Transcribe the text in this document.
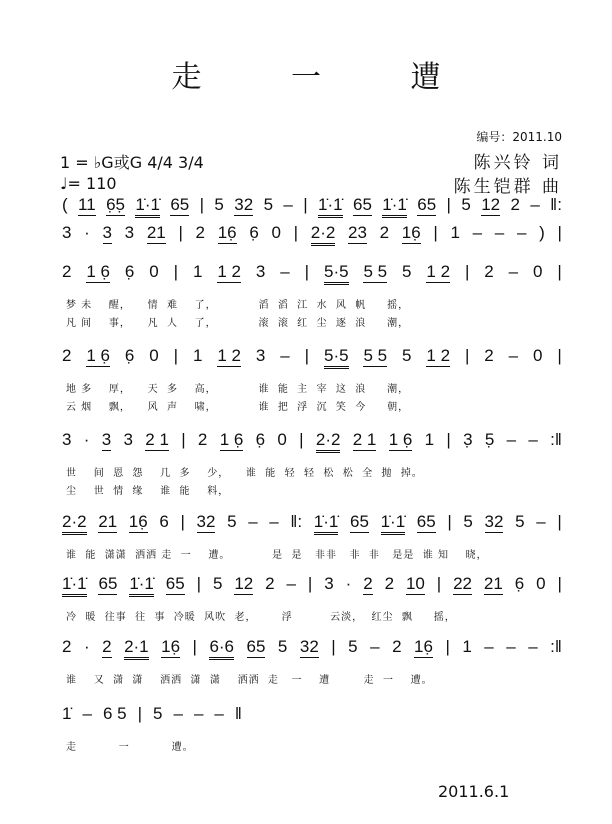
走 一 遭
编号：2011.10
1 = ♭G或G 4/4 3/4
♩= 110
陈兴铃 词
陈生铠群 曲
( 11 6̣5̣ 1̇·1̇ 65 | 5 32 5 – | 1̇·1̇ 65 1̇·1̇ 65 | 5 12 2 – ‖:
3 · 3 3 21 | 2 16̣ 6̣ 0 | 2·2 23 2 16̣ | 1 – – – ) |
2 1 6̣ 6̣ 0 | 1 1 2 3 – | 5·5 5 5 5 1 2 | 2 – 0 |
梦 未    醒，    情  难    了，          滔  滔  江  水  风  帆     摇，
凡 间    事，    凡  人    了，          滚  滚  红  尘  逐  浪     潮，
2 1 6̣ 6̣ 0 | 1 1 2 3 – | 5·5 5 5 5 1 2 | 2 – 0 |
地 多    厚，    天  多    高，          谁  能  主  宰  这  浪     潮，
云 烟    飘，    风  声    啸，          谁  把  浮  沉  笑  今     朝，
3 · 3 3 2 1 | 2 1 6̣ 6̣ 0 | 2·2 2 1 1 6̣ 1 | 3̣ 5̣ – – :‖
世    间  恩  怨    几  多    少，    谁  能  轻  轻  松  松  全  抛  掉。
尘    世  情  缘    谁  能    料，
2·2 21 16̣ 6 | 32 5 – – ‖: 1̇·1̇ 65 1̇·1̇ 65 | 5 32 5 – |
谁  能  潇潇  洒洒 走  一    遭。          是  是   非非   非  非   是是  谁 知    晓，
1̇·1̇ 65 1̇·1̇ 65 | 5 12 2 – | 3 · 2 2 10 | 22 21 6̣ 0 |
冷  暖  往事  往  事  冷暖  风吹  老，      浮         云淡，  红尘  飘     摇，
2 · 2 2·1 16̣ | 6·6 65 5 32 | 5 – 2 16̣ | 1 – – – :‖
谁    又  潇  潇    洒洒  潇  潇    洒洒  走   一    遭        走  一    遭。
1̇ – 6 5 | 5 – – – ‖
走          一          遭。
2011.6.1
